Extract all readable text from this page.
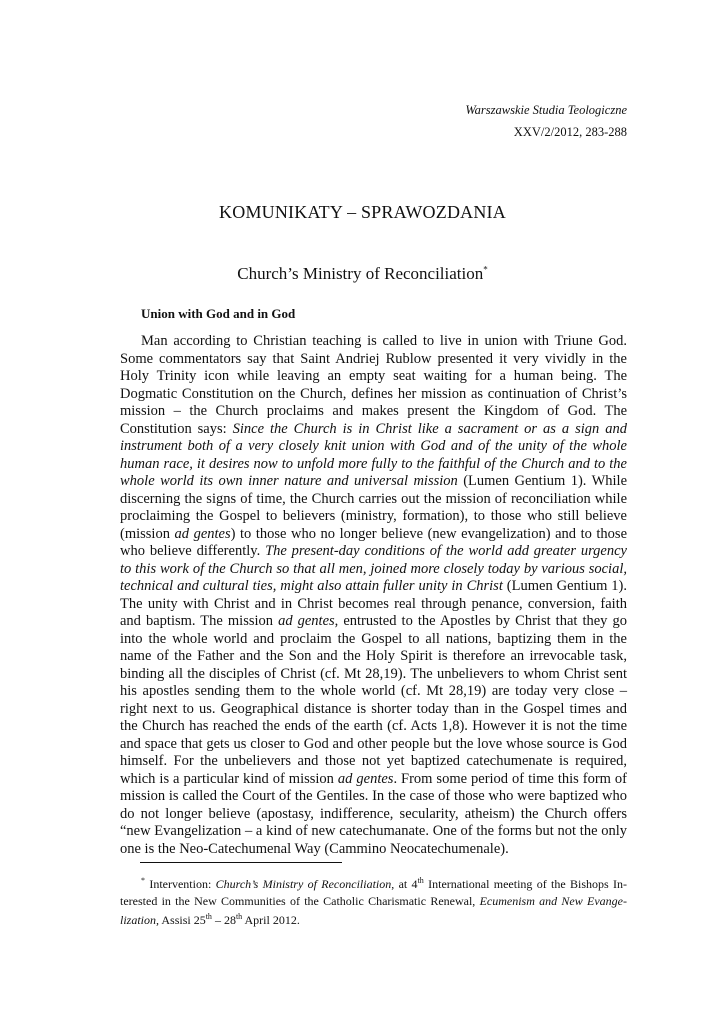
Warszawskie Studia Teologiczne
XXV/2/2012, 283-288
KOMUNIKATY – SPRAWOZDANIA
Church’s Ministry of Reconciliation*
Union with God and in God

Man according to Christian teaching is called to live in union with Triune God. Some commentators say that Saint Andriej Rublow presented it very vividly in the Holy Trinity icon while leaving an empty seat waiting for a human being. The Dogmatic Constitution on the Church, defines her mission as continuation of Christ’s mission – the Church proclaims and makes present the Kingdom of God. The Constitution says: Since the Church is in Christ like a sacrament or as a sign and instrument both of a very closely knit union with God and of the unity of the whole human race, it desires now to unfold more fully to the faithful of the Church and to the whole world its own inner nature and universal mission (Lumen Gentium 1). While discerning the signs of time, the Church carries out the mission of reconciliation while proclaiming the Gospel to believers (ministry, formation), to those who still believe (mission ad gentes) to those who no longer believe (new evangelization) and to those who believe differently. The present-day conditions of the world add greater urgency to this work of the Church so that all men, joined more closely today by various social, technical and cultural ties, might also attain fuller unity in Christ (Lumen Gentium 1). The unity with Christ and in Christ becomes real through penance, conversion, faith and baptism. The mission ad gentes, entrusted to the Apostles by Christ that they go into the whole world and proclaim the Gospel to all nations, baptizing them in the name of the Father and the Son and the Holy Spirit is therefore an irrevocable task, binding all the disciples of Christ (cf. Mt 28,19). The unbelievers to whom Christ sent his apostles sending them to the whole world (cf. Mt 28,19) are today very close – right next to us. Geographical distance is shorter today than in the Gospel times and the Church has reached the ends of the earth (cf. Acts 1,8). However it is not the time and space that gets us closer to God and other people but the love whose source is God himself. For the unbelievers and those not yet baptized catechumenate is required, which is a particular kind of mission ad gentes. From some period of time this form of mission is called the Court of the Gentiles. In the case of those who were baptized who do not longer believe (apostasy, indifference, secularity, atheism) the Church offers “new Evangelization – a kind of new catechumanate. One of the forms but not the only one is the Neo-Catechumenal Way (Cammino Neocatechumenale).

* Intervention: Church’s Ministry of Reconciliation, at 4th International meeting of the Bishops Interested in the New Communities of the Catholic Charismatic Renewal, Ecumenism and New Evangelization, Assisi 25th – 28th April 2012.
